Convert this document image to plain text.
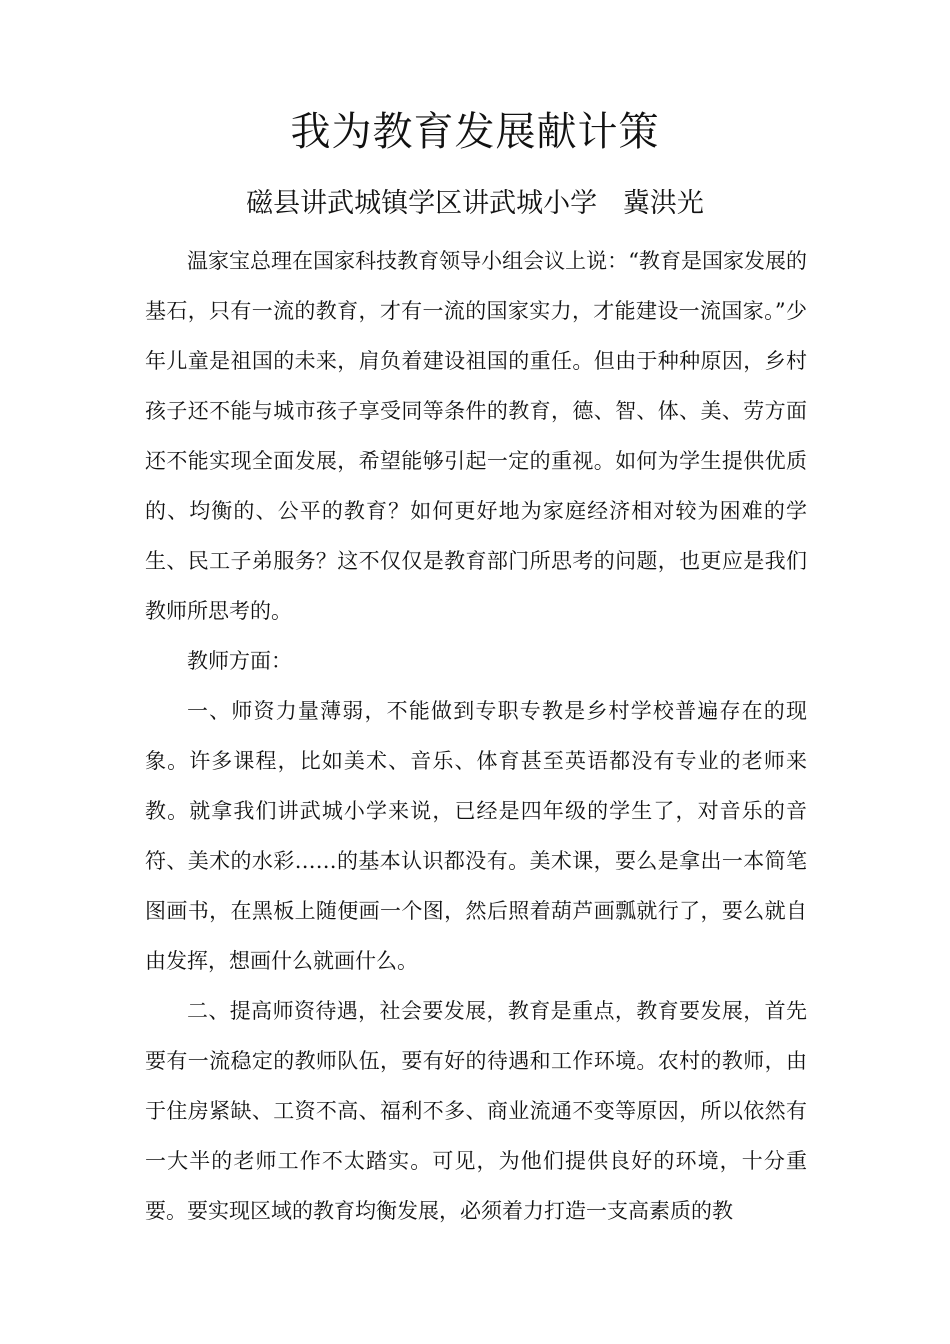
我为教育发展献计策
磁县讲武城镇学区讲武城小学   冀洪光

温家宝总理在国家科技教育领导小组会议上说：“教育是国家发展的基石，只有一流的教育，才有一流的国家实力，才能建设一流国家。”少年儿童是祖国的未来，肩负着建设祖国的重任。但由于种种原因，乡村孩子还不能与城市孩子享受同等条件的教育，德、智、体、美、劳方面还不能实现全面发展，希望能够引起一定的重视。如何为学生提供优质的、均衡的、公平的教育？如何更好地为家庭经济相对较为困难的学生、民工子弟服务？这不仅仅是教育部门所思考的问题，也更应是我们教师所思考的。

教师方面：

一、师资力量薄弱，不能做到专职专教是乡村学校普遍存在的现象。许多课程，比如美术、音乐、体育甚至英语都没有专业的老师来教。就拿我们讲武城小学来说，已经是四年级的学生了，对音乐的音符、美术的水彩……的基本认识都没有。美术课，要么是拿出一本简笔图画书，在黑板上随便画一个图，然后照着葫芦画瓢就行了，要么就自由发挥，想画什么就画什么。

二、提高师资待遇，社会要发展，教育是重点，教育要发展，首先要有一流稳定的教师队伍，要有好的待遇和工作环境。农村的教师，由于住房紧缺、工资不高、福利不多、商业流通不变等原因，所以依然有一大半的老师工作不太踏实。可见，为他们提供良好的环境，十分重要。要实现区域的教育均衡发展，必须着力打造一支高素质的教
